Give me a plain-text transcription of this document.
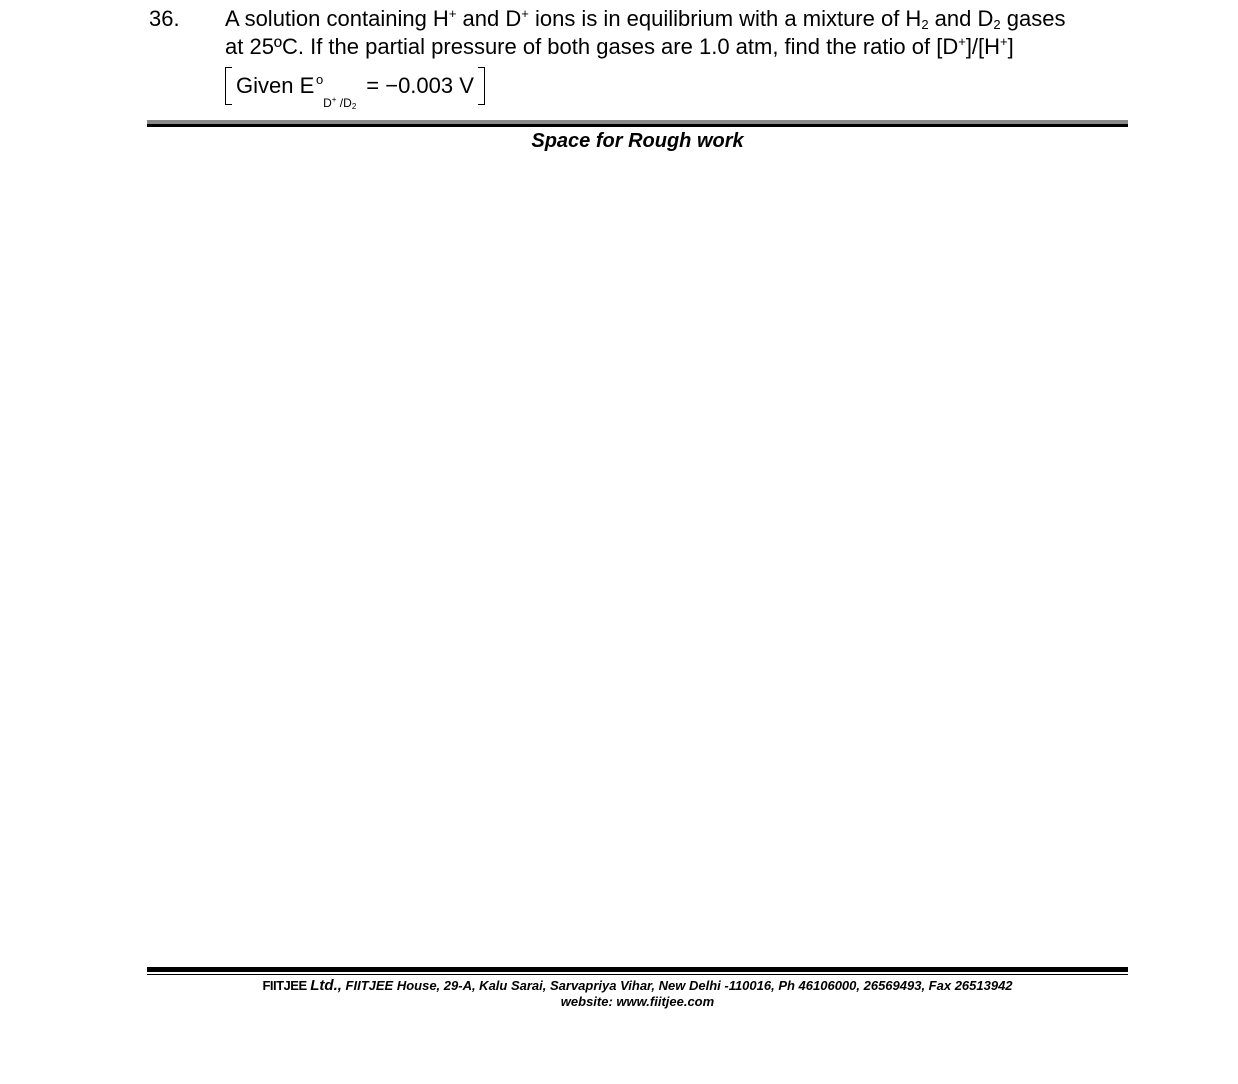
36. A solution containing H+ and D+ ions is in equilibrium with a mixture of $H_2$ and $D_2$ gases
at 25ºC. If the partial pressure of both gases are 1.0 atm, find the ratio of [D+]/[H+]
Given E o
D+ $/D_2$
= −0.003 V
Space for Rough work
FIITJEE Ltd., FIITJEE House, 29-A, Kalu Sarai, Sarvapriya Vihar, New Delhi -110016, Ph 46106000, 26569493, Fax 26513942
website: www.fiitjee.com
